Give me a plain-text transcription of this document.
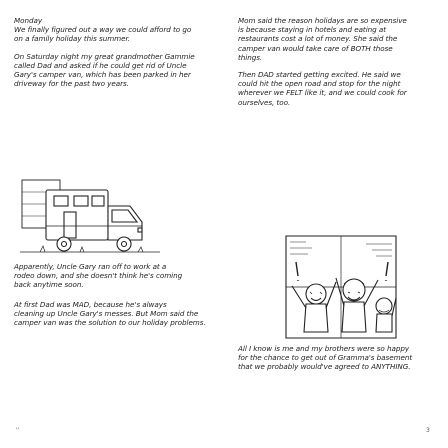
Monday

We finally figured out a way we could afford to go

on a family holiday this summer.

On Saturday night my great grandmother Gammie

called Dad and asked if he could get rid of Uncle

Gary's camper van, which has been parked in her

driveway for the past two years.

Apparently, Uncle Gary ran off to work at a

rodeo down, and she doesn't think he's coming

back anytime soon.

At first Dad was MAD, because he's always

cleaning up Uncle Gary's messes. But Mom said the

camper van was the solution to our holiday problems.

''

Mom said the reason holidays are so expensive

is because staying in hotels and eating at

restaurants cost a lot of money. She said the

camper van would take care of BOTH those

things.

Then DAD started getting excited. He said we

could hit the open road and stop for the night

wherever we FELT like it, and we could cook for

ourselves, too.

All I know is me and my brothers were so happy

for the chance to get out of Gramma's basement

that we probably would've agreed to ANYTHING.

3
